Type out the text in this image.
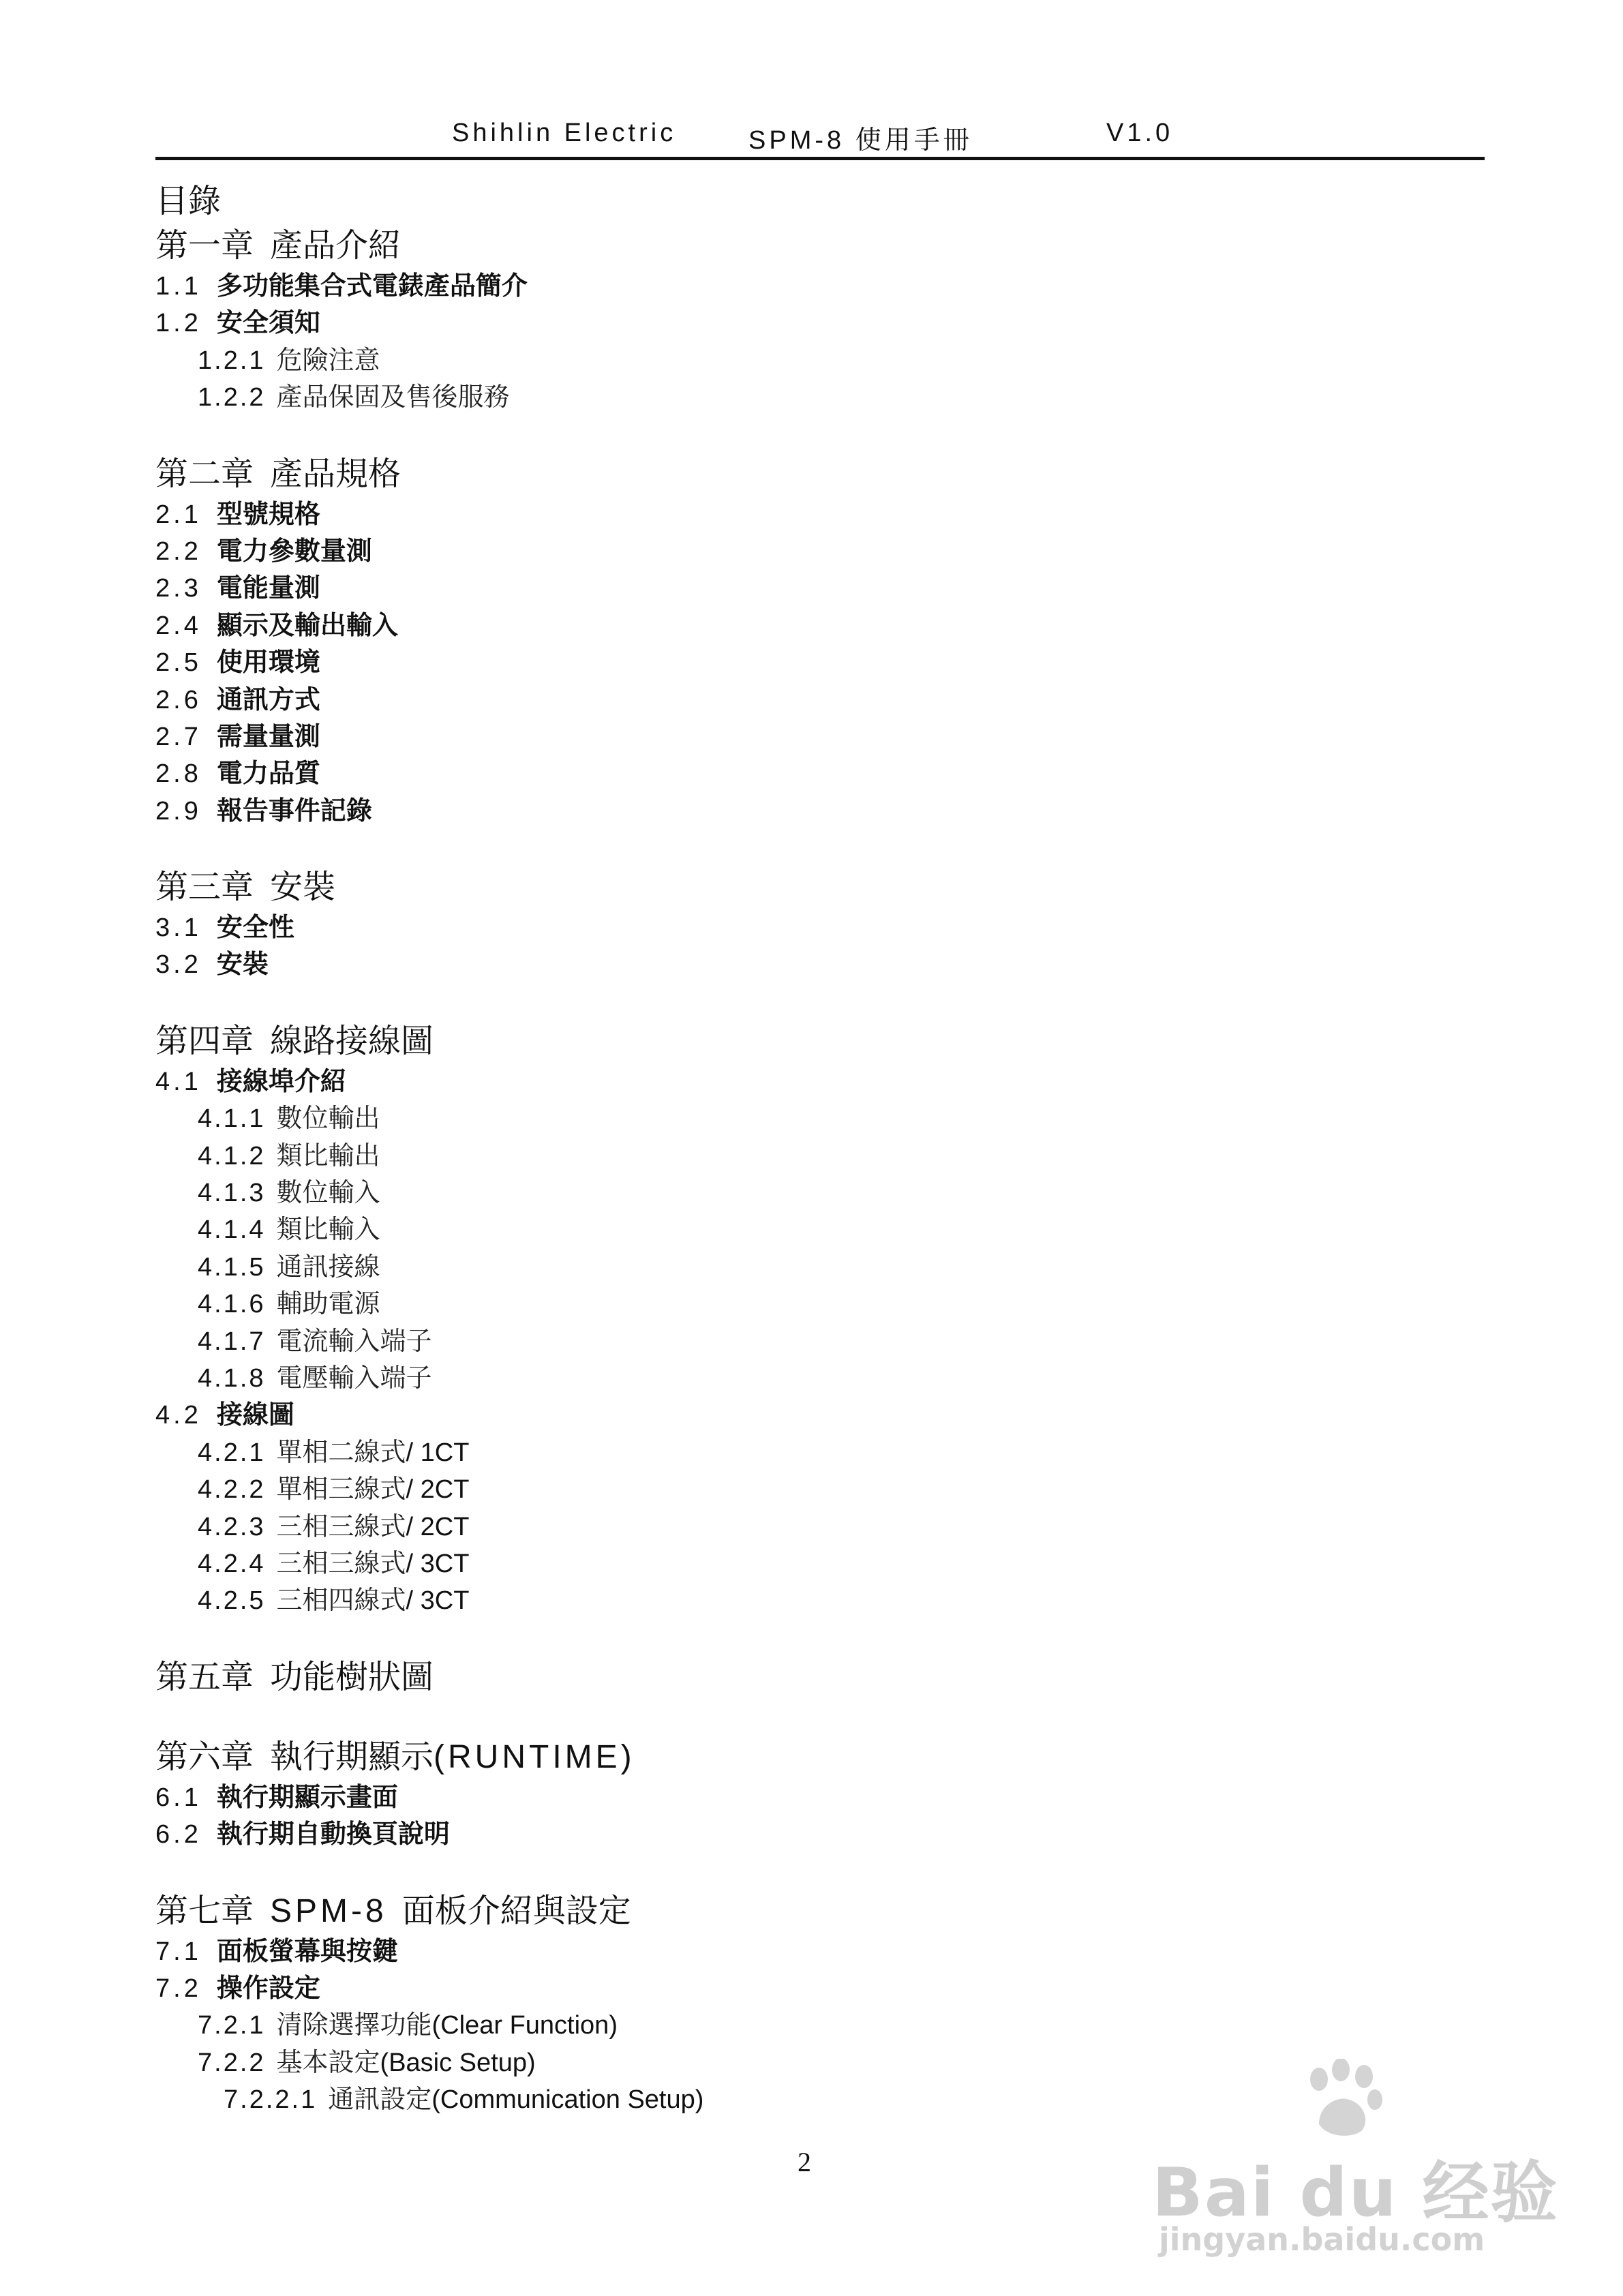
Shihlin Electric	SPM-8 使用手冊	V1.0
目錄
第一章 產品介紹
1.1 多功能集合式電錶產品簡介
1.2 安全須知
1.2.1 危險注意
1.2.2 產品保固及售後服務
第二章 產品規格
2.1 型號規格
2.2 電力參數量測
2.3 電能量測
2.4 顯示及輸出輸入
2.5 使用環境
2.6 通訊方式
2.7 需量量測
2.8 電力品質
2.9 報告事件記錄
第三章 安裝
3.1 安全性
3.2 安裝
第四章 線路接線圖
4.1 接線埠介紹
4.1.1 數位輸出
4.1.2 類比輸出
4.1.3 數位輸入
4.1.4 類比輸入
4.1.5 通訊接線
4.1.6 輔助電源
4.1.7 電流輸入端子
4.1.8 電壓輸入端子
4.2 接線圖
4.2.1 單相二線式/ 1CT
4.2.2 單相三線式/ 2CT
4.2.3 三相三線式/ 2CT
4.2.4 三相三線式/ 3CT
4.2.5 三相四線式/ 3CT
第五章 功能樹狀圖
第六章 執行期顯示(RUNTIME)
6.1 執行期顯示畫面
6.2 執行期自動換頁說明
第七章 SPM-8 面板介紹與設定
7.1 面板螢幕與按鍵
7.2 操作設定
7.2.1 清除選擇功能(Clear Function)
7.2.2 基本設定(Basic Setup)
7.2.2.1 通訊設定(Communication Setup)
2	Bai du 经验
jingyan.baidu.com
